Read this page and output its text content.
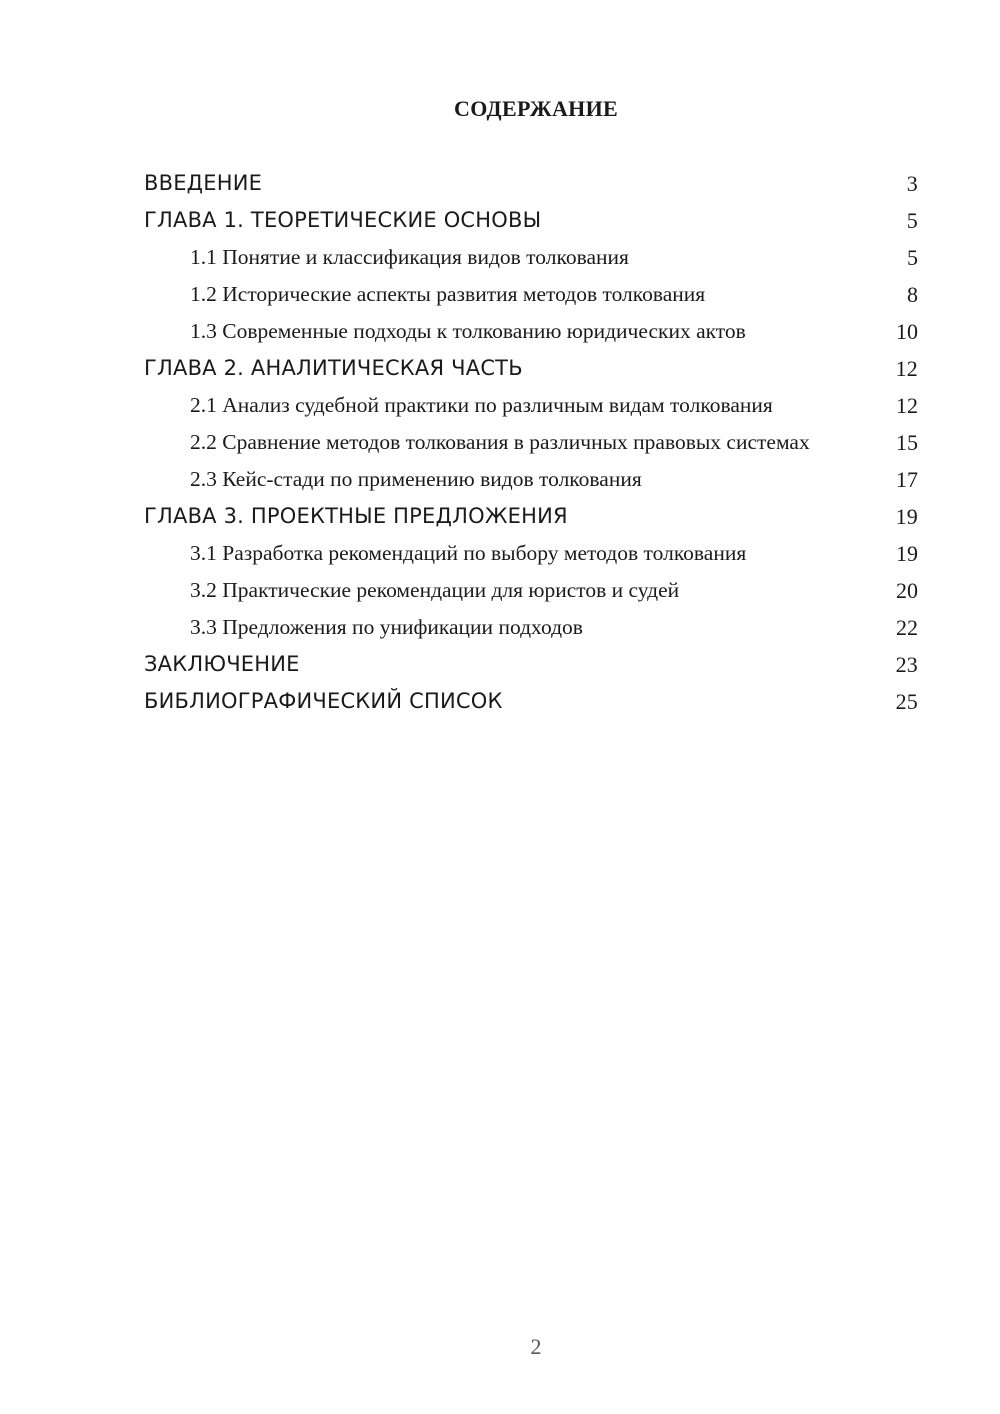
СОДЕРЖАНИЕ
ВВЕДЕНИЕ	3
ГЛАВА 1. ТЕОРЕТИЧЕСКИЕ ОСНОВЫ	5
1.1 Понятие и классификация видов толкования	5
1.2 Исторические аспекты развития методов толкования	8
1.3 Современные подходы к толкованию юридических актов	10
ГЛАВА 2. АНАЛИТИЧЕСКАЯ ЧАСТЬ	12
2.1 Анализ судебной практики по различным видам толкования	12
2.2 Сравнение методов толкования в различных правовых системах	15
2.3 Кейс-стади по применению видов толкования	17
ГЛАВА 3. ПРОЕКТНЫЕ ПРЕДЛОЖЕНИЯ	19
3.1 Разработка рекомендаций по выбору методов толкования	19
3.2 Практические рекомендации для юристов и судей	20
3.3 Предложения по унификации подходов	22
ЗАКЛЮЧЕНИЕ	23
БИБЛИОГРАФИЧЕСКИЙ СПИСОК	25
2
